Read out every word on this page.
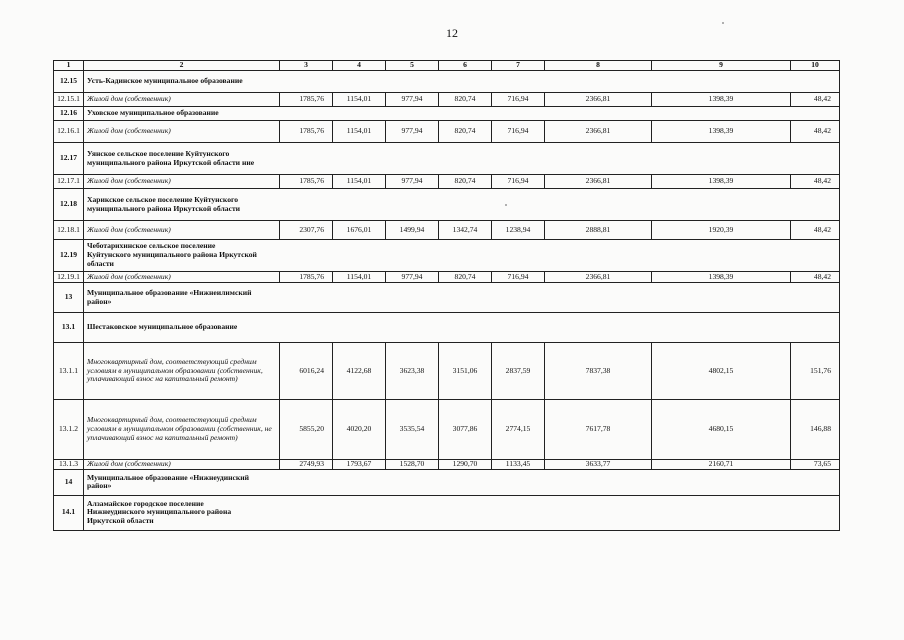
12
1	2	3	4	5	6	7	8	9	10
12.15	Усть-Кадинское муниципальное образование								

12.15.1	Жилой дом (собственник)	1785,76	1154,01	977,94	820,74	716,94	2366,81	1398,39	48,42
12.16	Уховское муниципальное образование								

12.16.1	Жилой дом (собственник)	1785,76	1154,01	977,94	820,74	716,94	2366,81	1398,39	48,42
12.17	Уянское сельское поселение Куйтунского муниципального района Иркутской области ние								

12.17.1	Жилой дом (собственник)	1785,76	1154,01	977,94	820,74	716,94	2366,81	1398,39	48,42
12.18	Харикское сельское поселение Куйтунского муниципального района Иркутской области								

12.18.1	Жилой дом (собственник)	2307,76	1676,01	1499,94	1342,74	1238,94	2888,81	1920,39	48,42
12.19	Чеботарихинское сельское поселение Куйтунского муниципального района Иркутской области								

12.19.1	Жилой дом (собственник)	1785,76	1154,01	977,94	820,74	716,94	2366,81	1398,39	48,42
13	Муниципальное образование «Нижнеилимский район»								

13.1	Шестаковское муниципальное образование								

13.1.1	Многоквартирный дом, соответствующий средним условиям в муниципальном образовании (собственник, уплачивающий взнос на капитальный ремонт)	6016,24	4122,68	3623,38	3151,06	2837,59	7837,38	4802,15	151,76
13.1.2	Многоквартирный дом, соответствующий средним условиям в муниципальном образовании (собственник, не уплачивающий взнос на капитальный ремонт)	5855,20	4020,20	3535,54	3077,86	2774,15	7617,78	4680,15	146,88
13.1.3	Жилой дом (собственник)	2749,93	1793,67	1528,70	1290,70	1133,45	3633,77	2160,71	73,65
14	Муниципальное образование «Нижнеудинский район»								

14.1	Алзамайское городское поселение Нижнеудинского муниципального района Иркутской области								
